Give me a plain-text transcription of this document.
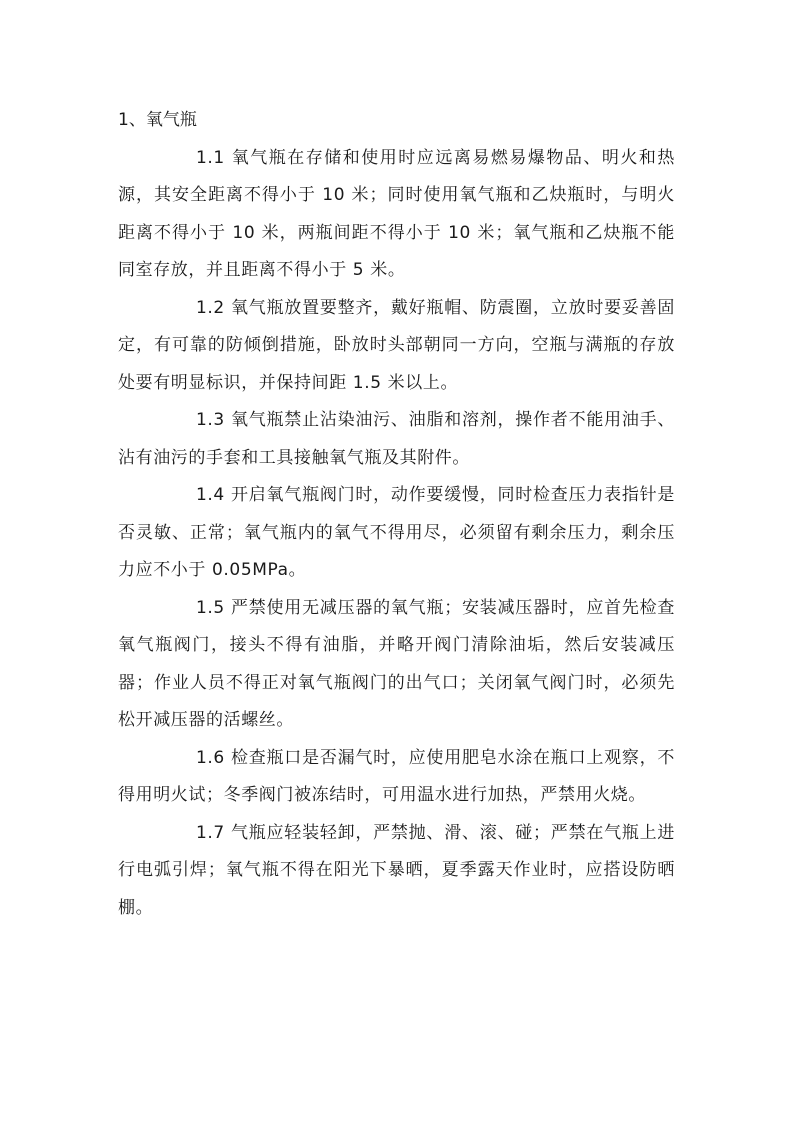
1、氧气瓶

1.1 氧气瓶在存储和使用时应远离易燃易爆物品、明火和热源，其安全距离不得小于 10 米；同时使用氧气瓶和乙炔瓶时，与明火距离不得小于 10 米，两瓶间距不得小于 10 米；氧气瓶和乙炔瓶不能同室存放，并且距离不得小于 5 米。

1.2 氧气瓶放置要整齐，戴好瓶帽、防震圈，立放时要妥善固定，有可靠的防倾倒措施，卧放时头部朝同一方向，空瓶与满瓶的存放处要有明显标识，并保持间距 1.5 米以上。

1.3 氧气瓶禁止沾染油污、油脂和溶剂，操作者不能用油手、沾有油污的手套和工具接触氧气瓶及其附件。

1.4 开启氧气瓶阀门时，动作要缓慢，同时检查压力表指针是否灵敏、正常；氧气瓶内的氧气不得用尽，必须留有剩余压力，剩余压力应不小于 0.05MPa。

1.5 严禁使用无减压器的氧气瓶；安装减压器时，应首先检查氧气瓶阀门，接头不得有油脂，并略开阀门清除油垢，然后安装减压器；作业人员不得正对氧气瓶阀门的出气口；关闭氧气阀门时，必须先松开减压器的活螺丝。

1.6 检查瓶口是否漏气时，应使用肥皂水涂在瓶口上观察，不得用明火试；冬季阀门被冻结时，可用温水进行加热，严禁用火烧。

1.7 气瓶应轻装轻卸，严禁抛、滑、滚、碰；严禁在气瓶上进行电弧引焊；氧气瓶不得在阳光下暴晒，夏季露天作业时，应搭设防晒棚。
